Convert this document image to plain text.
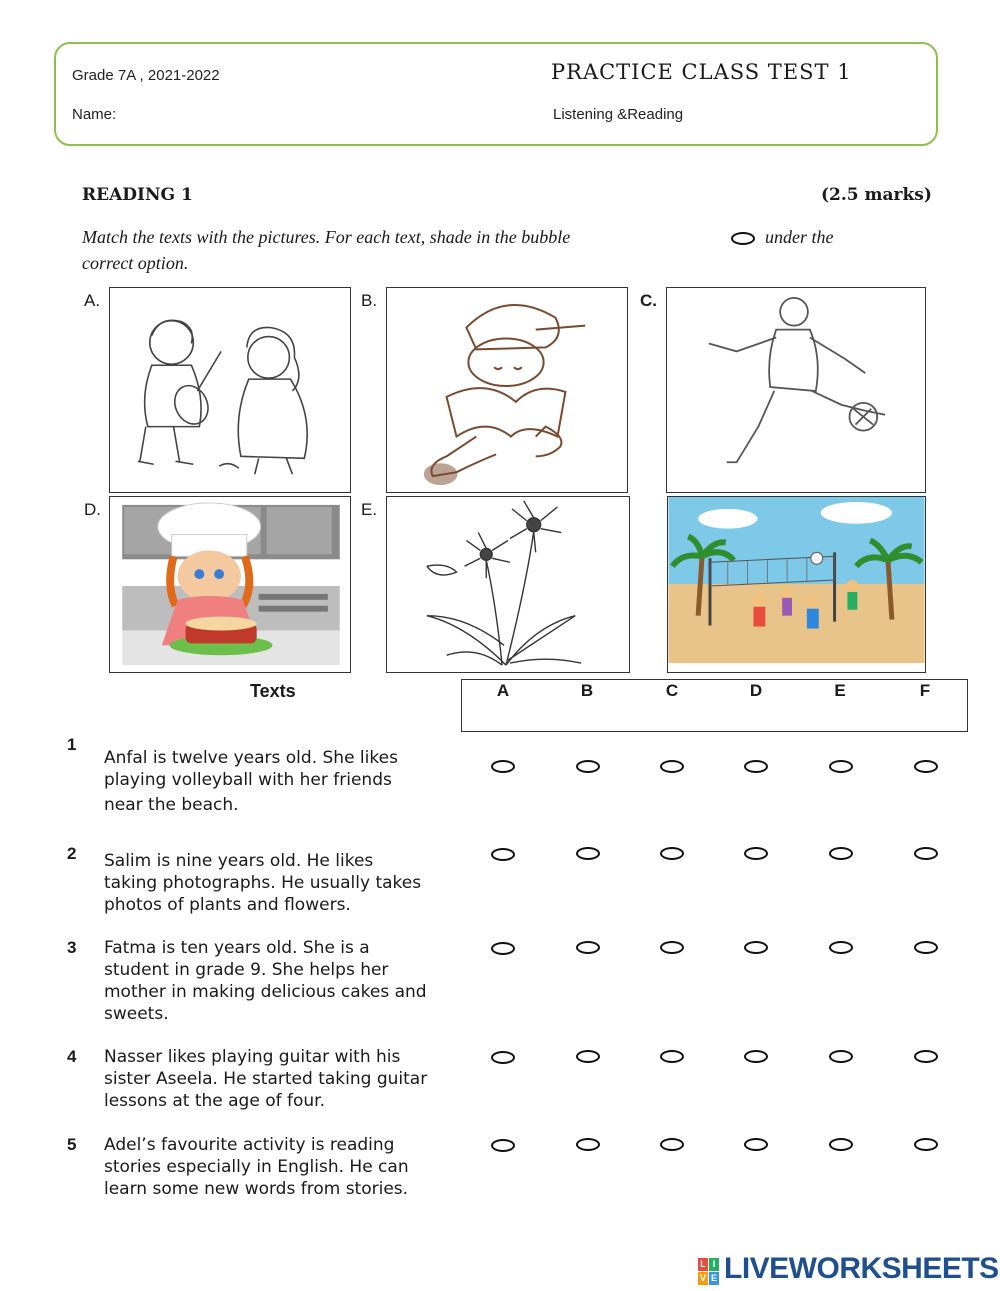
Grade 7A , 2021-2022	PRACTICE CLASS TEST 1
Name:	Listening &Reading
READING 1	(2.5 marks)
Match the texts with the pictures. For each text, shade in the bubble	under the
correct option.
A.	B.	C.
D.	E.
Texts	A	B	C	D	E	F
1
Anfal is twelve years old. She likes
playing volleyball with her friends
near the beach.
2 Salim is nine years old. He likes
taking photographs. He usually takes
photos of plants and flowers.
3 Fatma is ten years old. She is a
student in grade 9. She helps her
mother in making delicious cakes and
sweets.
4 Nasser likes playing guitar with his
sister Aseela. He started taking guitar
lessons at the age of four.
5 Adel’s favourite activity is reading
stories especially in English. He can
learn some new words from stories.
L I
V E LIVEWORKSHEETS
